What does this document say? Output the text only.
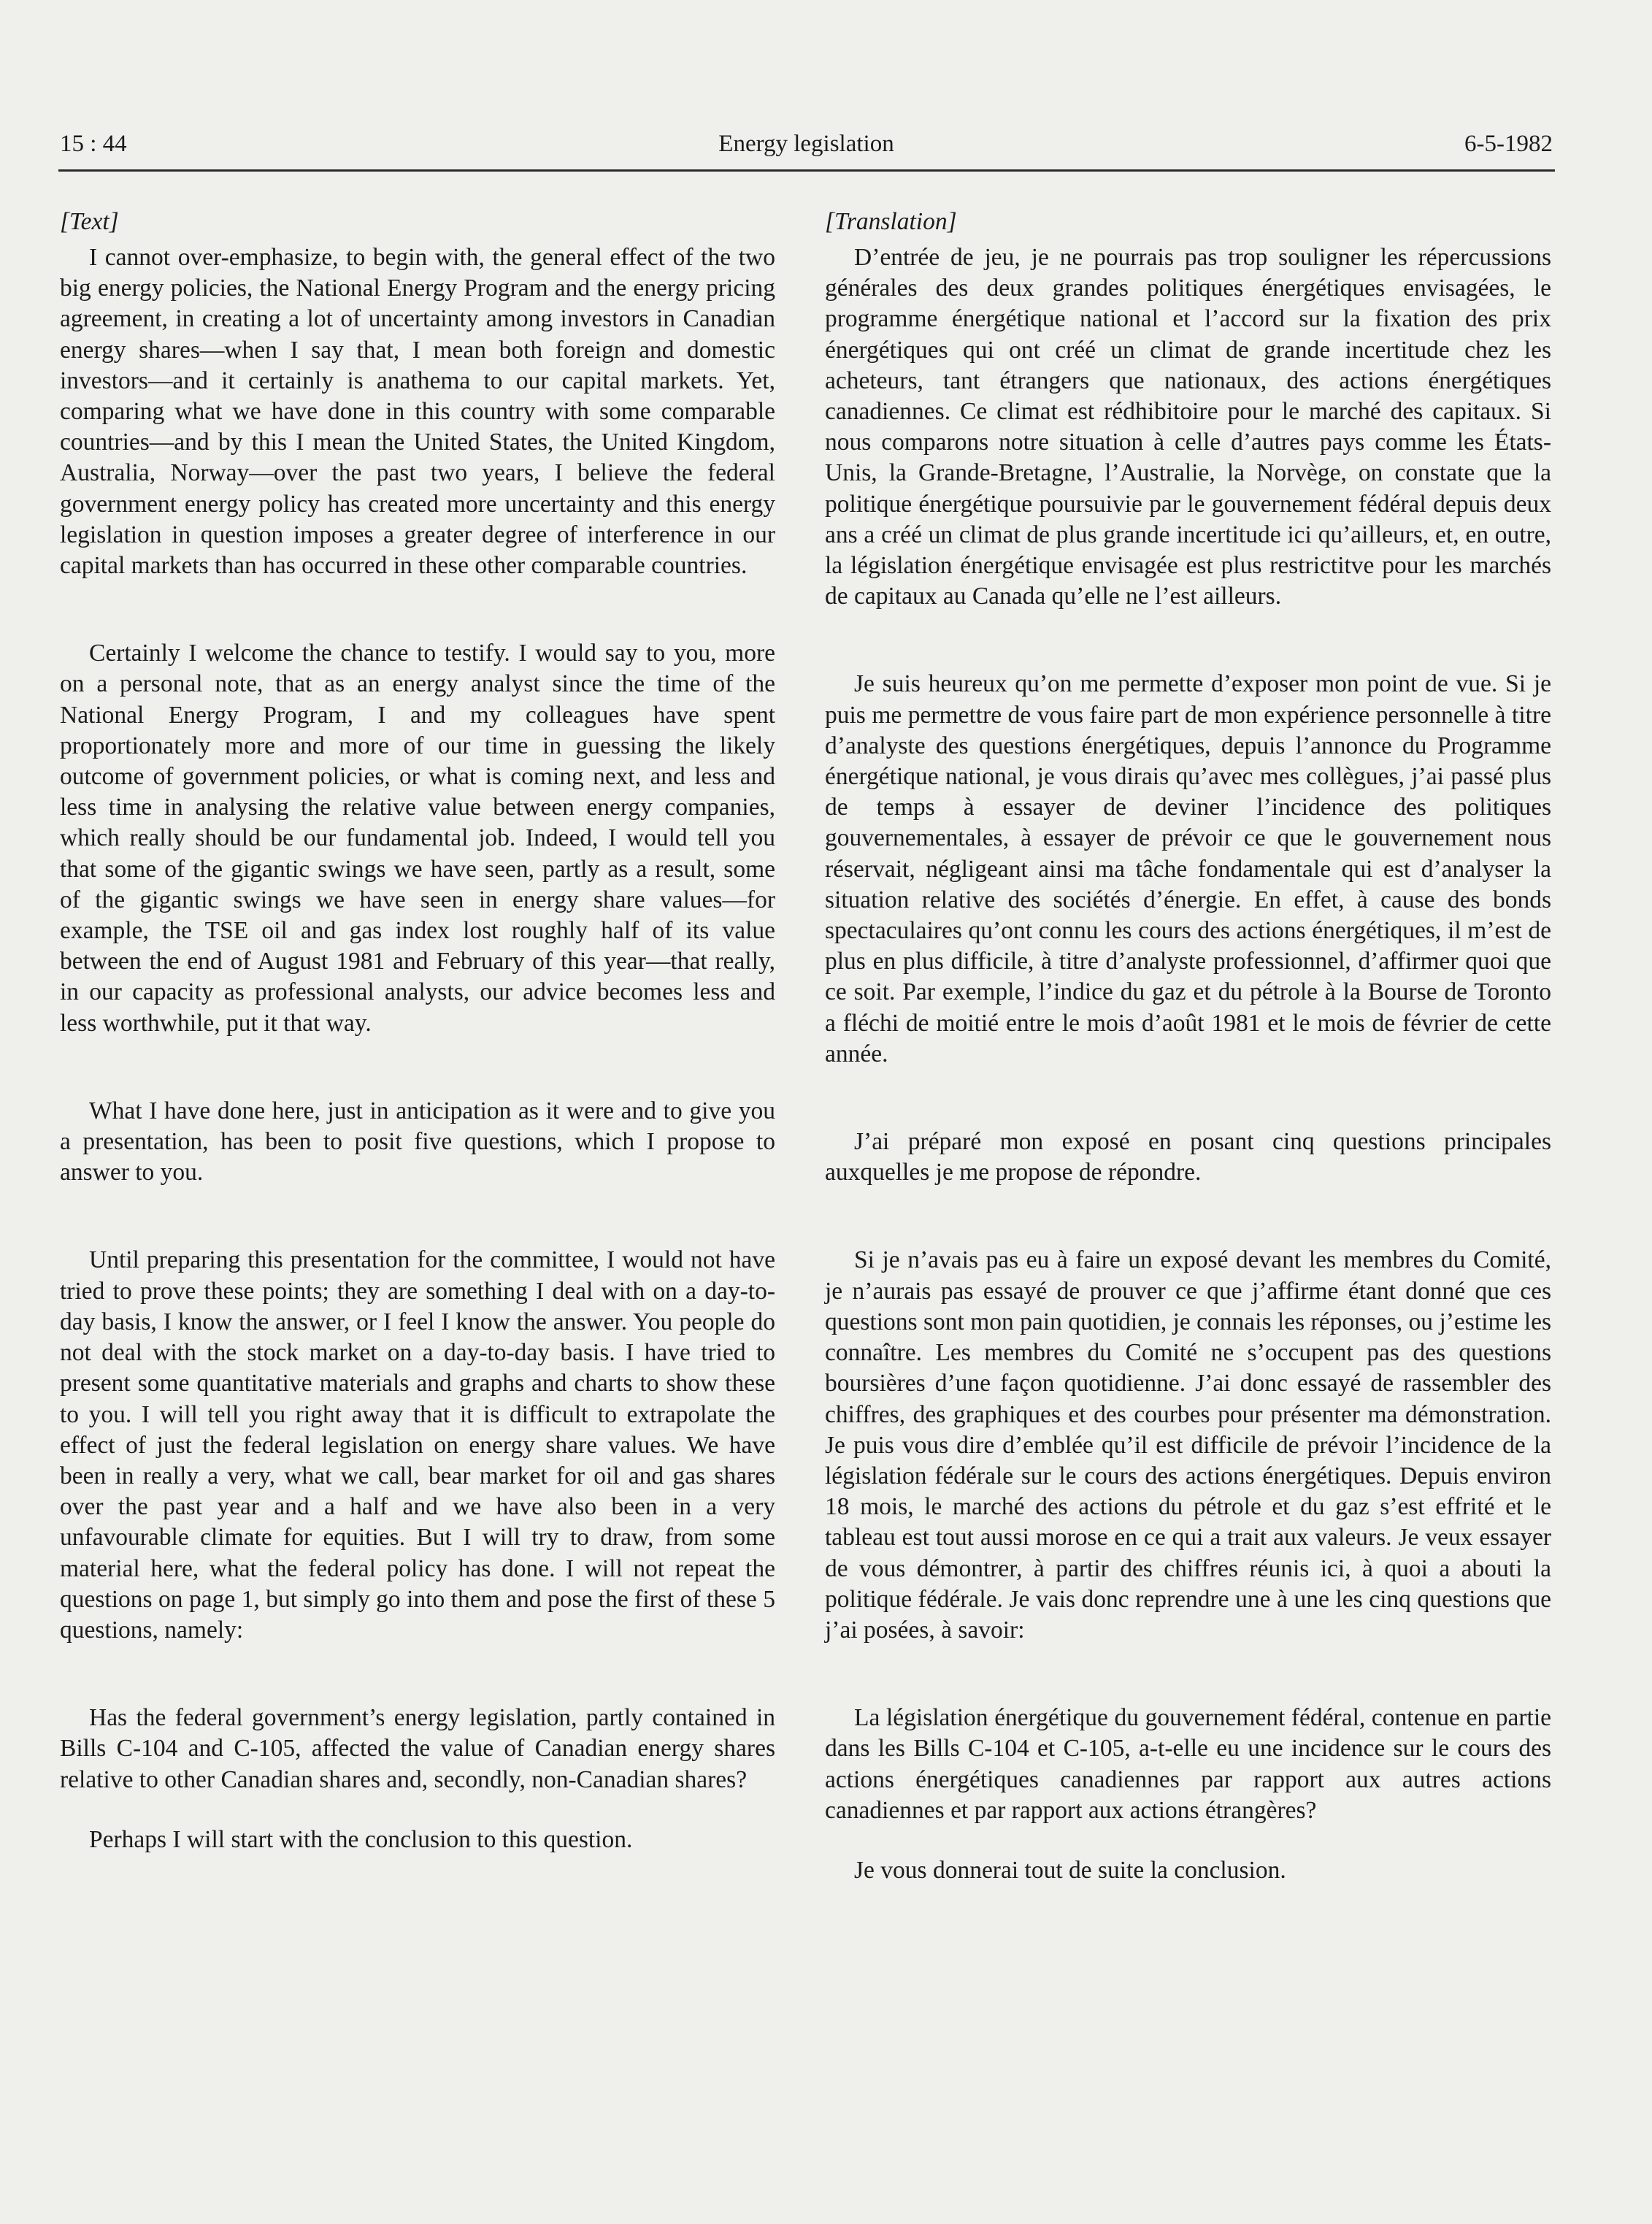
15 : 44	Energy legislation	6-5-1982
[Text]

I cannot over-emphasize, to begin with, the general effect of the two big energy policies, the National Energy Program and the energy pricing agreement, in creating a lot of uncertainty among investors in Canadian energy shares—when I say that, I mean both foreign and domestic investors—and it certainly is anathema to our capital markets. Yet, comparing what we have done in this country with some comparable countries—and by this I mean the United States, the United Kingdom, Australia, Norway—over the past two years, I believe the federal government energy policy has created more uncertainty and this energy legislation in question imposes a greater degree of interference in our capital markets than has occurred in these other comparable countries.

Certainly I welcome the chance to testify. I would say to you, more on a personal note, that as an energy analyst since the time of the National Energy Program, I and my colleagues have spent proportionately more and more of our time in guessing the likely outcome of government policies, or what is coming next, and less and less time in analysing the relative value between energy companies, which really should be our fundamental job. Indeed, I would tell you that some of the gigantic swings we have seen, partly as a result, some of the gigantic swings we have seen in energy share values—for example, the TSE oil and gas index lost roughly half of its value between the end of August 1981 and February of this year—that really, in our capacity as professional analysts, our advice becomes less and less worthwhile, put it that way.

What I have done here, just in anticipation as it were and to give you a presentation, has been to posit five questions, which I propose to answer to you.

Until preparing this presentation for the committee, I would not have tried to prove these points; they are something I deal with on a day-to-day basis, I know the answer, or I feel I know the answer. You people do not deal with the stock market on a day-to-day basis. I have tried to present some quantitative materials and graphs and charts to show these to you. I will tell you right away that it is difficult to extrapolate the effect of just the federal legislation on energy share values. We have been in really a very, what we call, bear market for oil and gas shares over the past year and a half and we have also been in a very unfavourable climate for equities. But I will try to draw, from some material here, what the federal policy has done. I will not repeat the questions on page 1, but simply go into them and pose the first of these 5 questions, namely:

Has the federal government’s energy legislation, partly contained in Bills C-104 and C-105, affected the value of Canadian energy shares relative to other Canadian shares and, secondly, non-Canadian shares?

Perhaps I will start with the conclusion to this question.

[Translation]

D’entrée de jeu, je ne pourrais pas trop souligner les répercussions générales des deux grandes politiques énergétiques envisagées, le programme énergétique national et l’accord sur la fixation des prix énergétiques qui ont créé un climat de grande incertitude chez les acheteurs, tant étrangers que nationaux, des actions énergétiques canadiennes. Ce climat est rédhibitoire pour le marché des capitaux. Si nous comparons notre situation à celle d’autres pays comme les États-Unis, la Grande-Bretagne, l’Australie, la Norvège, on constate que la politique énergétique poursuivie par le gouvernement fédéral depuis deux ans a créé un climat de plus grande incertitude ici qu’ailleurs, et, en outre, la législation énergétique envisagée est plus restrictitve pour les marchés de capitaux au Canada qu’elle ne l’est ailleurs.

Je suis heureux qu’on me permette d’exposer mon point de vue. Si je puis me permettre de vous faire part de mon expérience personnelle à titre d’analyste des questions énergétiques, depuis l’annonce du Programme énergétique national, je vous dirais qu’avec mes collègues, j’ai passé plus de temps à essayer de deviner l’incidence des politiques gouvernementales, à essayer de prévoir ce que le gouvernement nous réservait, négligeant ainsi ma tâche fondamentale qui est d’analyser la situation relative des sociétés d’énergie. En effet, à cause des bonds spectaculaires qu’ont connu les cours des actions énergétiques, il m’est de plus en plus difficile, à titre d’analyste professionnel, d’affirmer quoi que ce soit. Par exemple, l’indice du gaz et du pétrole à la Bourse de Toronto a fléchi de moitié entre le mois d’août 1981 et le mois de février de cette année.

J’ai préparé mon exposé en posant cinq questions principales auxquelles je me propose de répondre.

Si je n’avais pas eu à faire un exposé devant les membres du Comité, je n’aurais pas essayé de prouver ce que j’affirme étant donné que ces questions sont mon pain quotidien, je connais les réponses, ou j’estime les connaître. Les membres du Comité ne s’occupent pas des questions boursières d’une façon quotidienne. J’ai donc essayé de rassembler des chiffres, des graphiques et des courbes pour présenter ma démonstration. Je puis vous dire d’emblée qu’il est difficile de prévoir l’incidence de la législation fédérale sur le cours des actions énergétiques. Depuis environ 18 mois, le marché des actions du pétrole et du gaz s’est effrité et le tableau est tout aussi morose en ce qui a trait aux valeurs. Je veux essayer de vous démontrer, à partir des chiffres réunis ici, à quoi a abouti la politique fédérale. Je vais donc reprendre une à une les cinq questions que j’ai posées, à savoir:

La législation énergétique du gouvernement fédéral, contenue en partie dans les Bills C-104 et C-105, a-t-elle eu une incidence sur le cours des actions énergétiques canadiennes par rapport aux autres actions canadiennes et par rapport aux actions étrangères?

Je vous donnerai tout de suite la conclusion.
